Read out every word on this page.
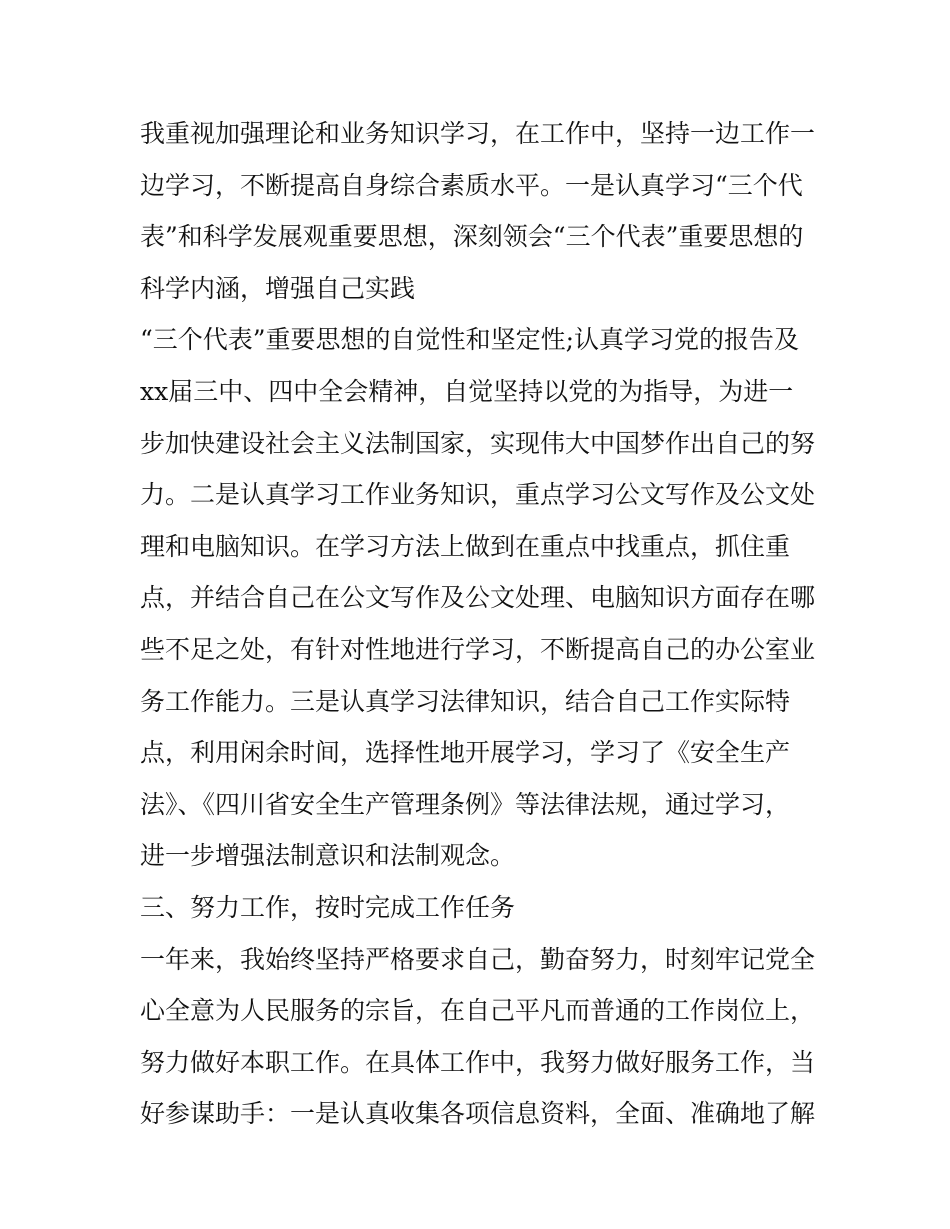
我重视加强理论和业务知识学习，在工作中，坚持一边工作一
边学习，不断提高自身综合素质水平。一是认真学习“三个代
表”和科学发展观重要思想，深刻领会“三个代表”重要思想的
科学内涵，增强自己实践
“三个代表”重要思想的自觉性和坚定性;认真学习党的报告及
xx届三中、四中全会精神，自觉坚持以党的为指导，为进一
步加快建设社会主义法制国家，实现伟大中国梦作出自己的努
力。二是认真学习工作业务知识，重点学习公文写作及公文处
理和电脑知识。在学习方法上做到在重点中找重点，抓住重
点，并结合自己在公文写作及公文处理、电脑知识方面存在哪
些不足之处，有针对性地进行学习，不断提高自己的办公室业
务工作能力。三是认真学习法律知识，结合自己工作实际特
点，利用闲余时间，选择性地开展学习，学习了《安全生产
法》、《四川省安全生产管理条例》等法律法规，通过学习，
进一步增强法制意识和法制观念。
三、努力工作，按时完成工作任务
一年来，我始终坚持严格要求自己，勤奋努力，时刻牢记党全
心全意为人民服务的宗旨，在自己平凡而普通的工作岗位上，
努力做好本职工作。在具体工作中，我努力做好服务工作，当
好参谋助手：一是认真收集各项信息资料，全面、准确地了解
